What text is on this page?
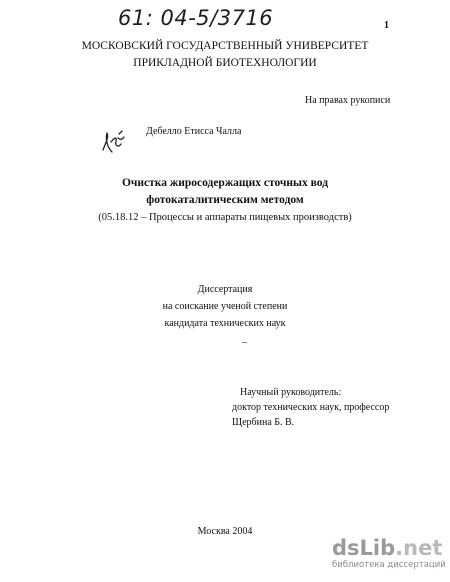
61: 04-5/3716	1
МОСКОВСКИЙ ГОСУДАРСТВЕННЫЙ УНИВЕРСИТЕТ
ПРИКЛАДНОЙ БИОТЕХНОЛОГИИ
На правах рукописи
Дебелло Етисса Чалла
Очистка жиросодержащих сточных вод
фотокаталитическим методом
(05.18.12 – Процессы и аппараты пищевых производств)
Диссертация
на соискание ученой степени
кандидата технических наук
–
Научный руководитель:
доктор технических наук, профессор
Щербина Б. В.
Москва 2004
dsLib.net
библиотека диссертаций
